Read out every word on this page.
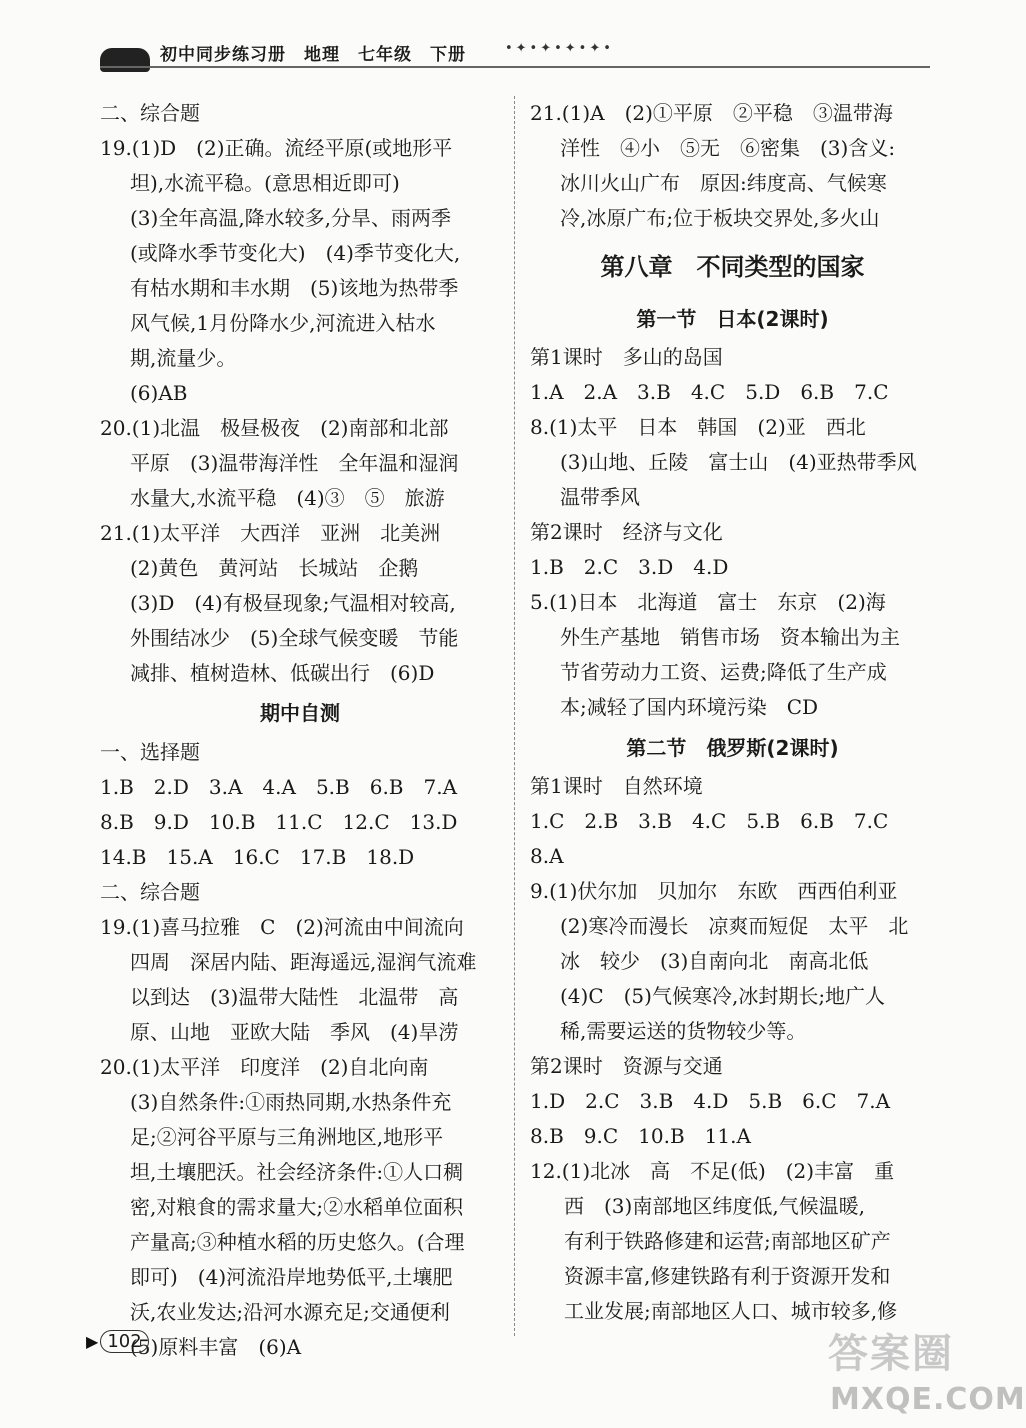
初中同步练习册　地理　七年级　下册	•✦•✦•✦•✦•
二、综合题
19.(1)D　(2)正确。流经平原(或地形平
坦),水流平稳。(意思相近即可)
(3)全年高温,降水较多,分旱、雨两季
(或降水季节变化大)　(4)季节变化大,
有枯水期和丰水期　(5)该地为热带季
风气候,1月份降水少,河流进入枯水
期,流量少。
(6)AB
20.(1)北温　极昼极夜　(2)南部和北部
平原　(3)温带海洋性　全年温和湿润
水量大,水流平稳　(4)③　⑤　旅游
21.(1)太平洋　大西洋　亚洲　北美洲
(2)黄色　黄河站　长城站　企鹅
(3)D　(4)有极昼现象;气温相对较高,
外围结冰少　(5)全球气候变暖　节能
减排、植树造林、低碳出行　(6)D
期中自测
一、选择题
1.B　2.D　3.A　4.A　5.B　6.B　7.A
8.B　9.D　10.B　11.C　12.C　13.D
14.B　15.A　16.C　17.B　18.D
二、综合题
19.(1)喜马拉雅　C　(2)河流由中间流向
四周　深居内陆、距海遥远,湿润气流难
以到达　(3)温带大陆性　北温带　高
原、山地　亚欧大陆　季风　(4)旱涝
20.(1)太平洋　印度洋　(2)自北向南
(3)自然条件:①雨热同期,水热条件充
足;②河谷平原与三角洲地区,地形平
坦,土壤肥沃。社会经济条件:①人口稠
密,对粮食的需求量大;②水稻单位面积
产量高;③种植水稻的历史悠久。(合理
即可)　(4)河流沿岸地势低平,土壤肥
沃,农业发达;沿河水源充足;交通便利
(5)原料丰富　(6)A
21.(1)A　(2)①平原　②平稳　③温带海
洋性　④小　⑤无　⑥密集　(3)含义:
冰川火山广布　原因:纬度高、气候寒
冷,冰原广布;位于板块交界处,多火山
第八章　不同类型的国家
第一节　日本(2课时)
第1课时　多山的岛国
1.A　2.A　3.B　4.C　5.D　6.B　7.C
8.(1)太平　日本　韩国　(2)亚　西北
(3)山地、丘陵　富士山　(4)亚热带季风
温带季风
第2课时　经济与文化
1.B　2.C　3.D　4.D
5.(1)日本　北海道　富士　东京　(2)海
外生产基地　销售市场　资本输出为主
节省劳动力工资、运费;降低了生产成
本;减轻了国内环境污染　CD
第二节　俄罗斯(2课时)
第1课时　自然环境
1.C　2.B　3.B　4.C　5.B　6.B　7.C
8.A
9.(1)伏尔加　贝加尔　东欧　西西伯利亚
(2)寒冷而漫长　凉爽而短促　太平　北
冰　较少　(3)自南向北　南高北低
(4)C　(5)气候寒冷,冰封期长;地广人
稀,需要运送的货物较少等。
第2课时　资源与交通
1.D　2.C　3.B　4.D　5.B　6.C　7.A
8.B　9.C　10.B　11.A
12.(1)北冰　高　不足(低)　(2)丰富　重
西　(3)南部地区纬度低,气候温暖,
有利于铁路修建和运营;南部地区矿产
资源丰富,修建铁路有利于资源开发和
工业发展;南部地区人口、城市较多,修
▶ 102	答案圈
MXQE.COM
